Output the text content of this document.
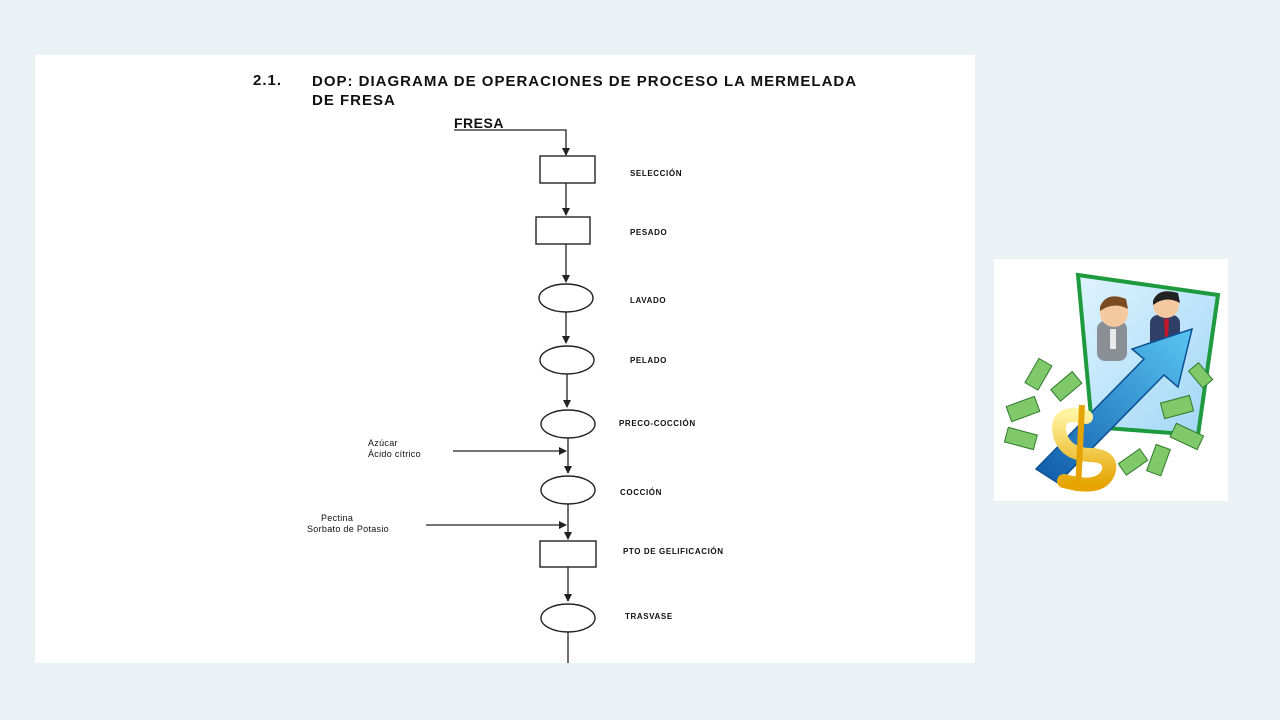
2.1. DOP: DIAGRAMA DE OPERACIONES DE PROCESO LA MERMELADA DE FRESA
FRESA
SELECCIÓN
PESADO
LAVADO
PELADO
PRECO-COCCIÓN
Azúcar
Ácido cítrico
COCCIÓN
Pectina
Sorbato de Potasio
PTO DE GELIFICACIÓN
TRASVASE
